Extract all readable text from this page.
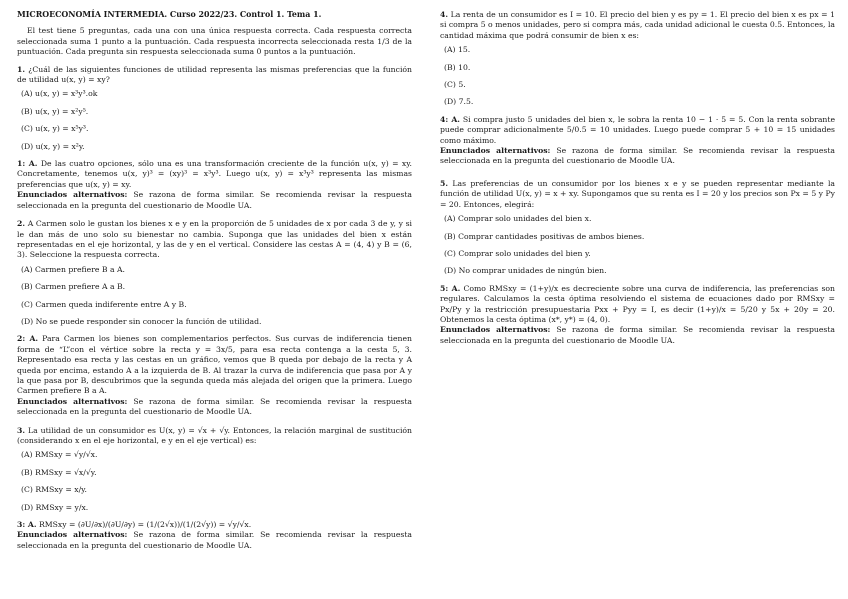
MICROECONOMÍA INTERMEDIA. Curso 2022/23. Control 1. Tema 1.

El test tiene 5 preguntas, cada una con una única respuesta correcta. Cada respuesta correcta seleccionada suma 1 punto a la puntuación. Cada respuesta incorrecta seleccionada resta 1/3 de la puntuación. Cada pregunta sin respuesta seleccionada suma 0 puntos a la puntuación.

1. ¿Cuál de las siguientes funciones de utilidad representa las mismas preferencias que la función de utilidad u(x, y) = xy?

(A) u(x, y) = x³y³.ok

(B) u(x, y) = x²y⁵.

(C) u(x, y) = x⁵y³.

(D) u(x, y) = x²y.

1: A. De las cuatro opciones, sólo una es una transformación creciente de la función u(x, y) = xy. Concretamente, tenemos u(x, y)³ = (xy)³ = x³y³. Luego u(x, y) = x³y³ representa las mismas preferencias que u(x, y) = xy.

Enunciados alternativos: Se razona de forma similar. Se recomienda revisar la respuesta seleccionada en la pregunta del cuestionario de Moodle UA.

2. A Carmen solo le gustan los bienes x e y en la proporción de 5 unidades de x por cada 3 de y, y si le dan más de uno solo su bienestar no cambia. Suponga que las unidades del bien x están representadas en el eje horizontal, y las de y en el vertical. Considere las cestas A = (4, 4) y B = (6, 3). Seleccione la respuesta correcta.

(A) Carmen prefiere B a A.

(B) Carmen prefiere A a B.

(C) Carmen queda indiferente entre A y B.

(D) No se puede responder sin conocer la función de utilidad.

2: A. Para Carmen los bienes son complementarios perfectos. Sus curvas de indiferencia tienen forma de “L”con el vértice sobre la recta y = 3x/5, para esa recta contenga a la cesta 5, 3. Representado esa recta y las cestas en un gráfico, vemos que B queda por debajo de la recta y A queda por encima, estando A a la izquierda de B. Al trazar la curva de indiferencia que pasa por A y la que pasa por B, descubrimos que la segunda queda más alejada del origen que la primera. Luego Carmen prefiere B a A.

Enunciados alternativos: Se razona de forma similar. Se recomienda revisar la respuesta seleccionada en la pregunta del cuestionario de Moodle UA.

3. La utilidad de un consumidor es U(x, y) = √x + √y. Entonces, la relación marginal de sustitución (considerando x en el eje horizontal, e y en el eje vertical) es:

(A) RMSxy = √y/√x.

(B) RMSxy = √x/√y.

(C) RMSxy = x/y.

(D) RMSxy = y/x.

3: A. RMSxy = (∂U/∂x)/(∂U/∂y) = (1/(2√x))/(1/(2√y)) = √y/√x.

Enunciados alternativos: Se razona de forma similar. Se recomienda revisar la respuesta seleccionada en la pregunta del cuestionario de Moodle UA.

4. La renta de un consumidor es I = 10. El precio del bien y es py = 1. El precio del bien x es px = 1 si compra 5 o menos unidades, pero si compra más, cada unidad adicional le cuesta 0.5. Entonces, la cantidad máxima que podrá consumir de bien x es:

(A) 15.

(B) 10.

(C) 5.

(D) 7.5.

4: A. Si compra justo 5 unidades del bien x, le sobra la renta 10 − 1 · 5 = 5. Con la renta sobrante puede comprar adicionalmente 5/0.5 = 10 unidades. Luego puede comprar 5 + 10 = 15 unidades como máximo.

Enunciados alternativos: Se razona de forma similar. Se recomienda revisar la respuesta seleccionada en la pregunta del cuestionario de Moodle UA.

5. Las preferencias de un consumidor por los bienes x e y se pueden representar mediante la función de utilidad U(x, y) = x + xy. Supongamos que su renta es I = 20 y los precios son Px = 5 y Py = 20. Entonces, elegirá:

(A) Comprar solo unidades del bien x.

(B) Comprar cantidades positivas de ambos bienes.

(C) Comprar solo unidades del bien y.

(D) No comprar unidades de ningún bien.

5: A. Como RMSxy = (1+y)/x es decreciente sobre una curva de indiferencia, las preferencias son regulares. Calculamos la cesta óptima resolviendo el sistema de ecuaciones dado por RMSxy = Px/Py y la restricción presupuestaria Pxx + Pyy = I, es decir (1+y)/x = 5/20 y 5x + 20y = 20. Obtenemos la cesta óptima (x*, y*) = (4, 0).

Enunciados alternativos: Se razona de forma similar. Se recomienda revisar la respuesta seleccionada en la pregunta del cuestionario de Moodle UA.
